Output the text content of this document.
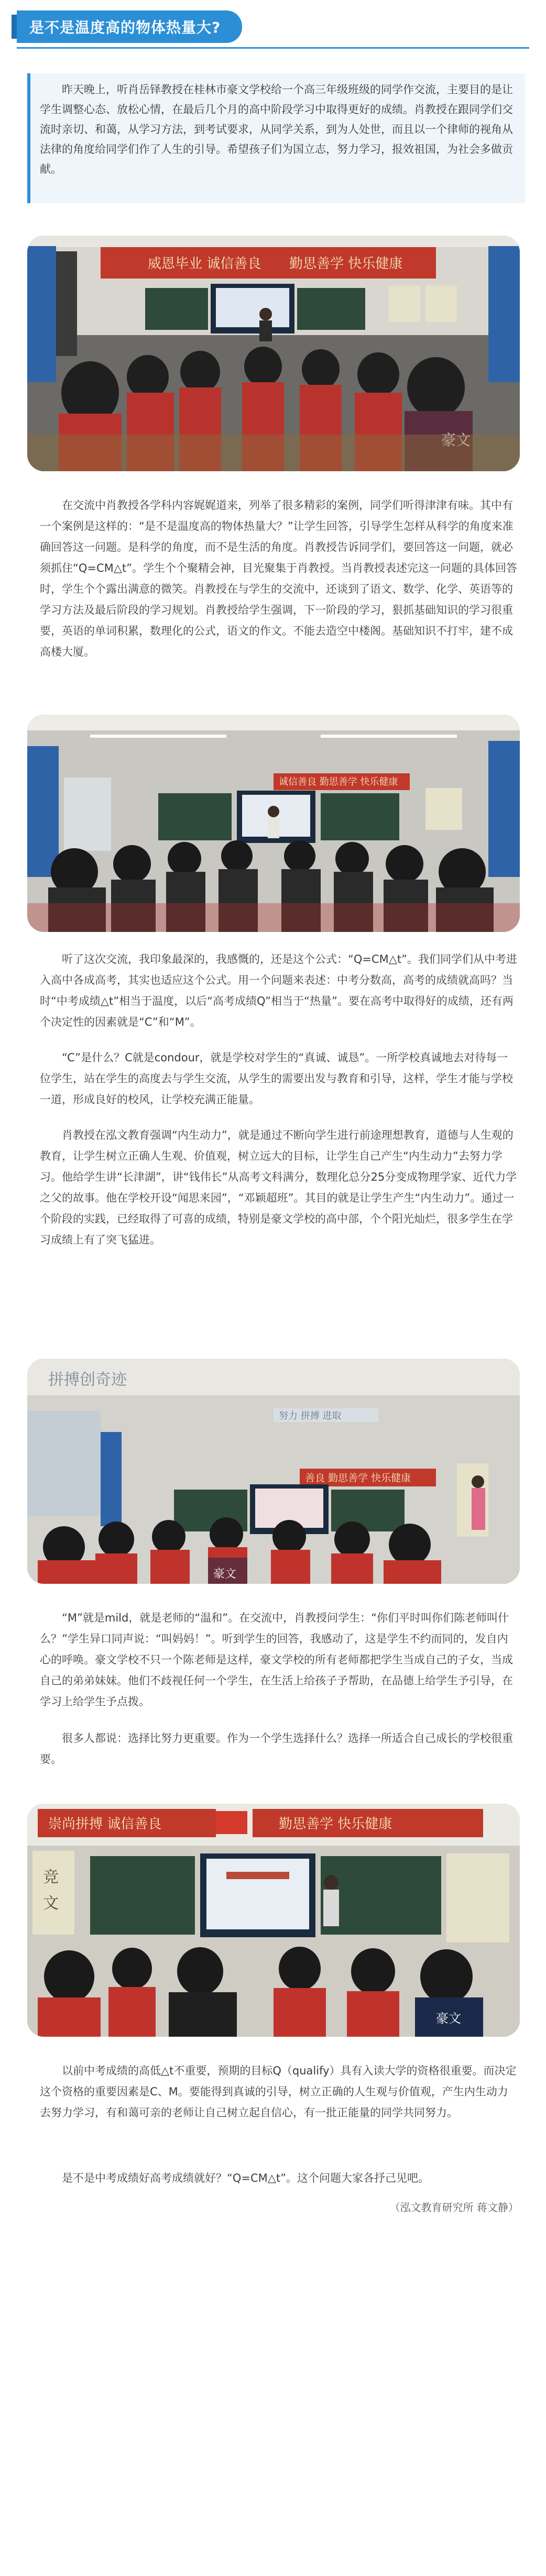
是不是温度高的物体热量大?
昨天晚上，听肖岳铎教授在桂林市豪文学校给一个高三年级班级的同学作交流，主要目的是让学生调整心态、放松心情，在最后几个月的高中阶段学习中取得更好的成绩。肖教授在跟同学们交流时亲切、和蔼，从学习方法，到考试要求，从同学关系，到为人处世，而且以一个律师的视角从法律的角度给同学们作了人生的引导。希望孩子们为国立志，努力学习，报效祖国，为社会多做贡献。
威恩毕业 诚信善良 勤思善学 快乐健康

在交流中肖教授各学科内容娓娓道来，列举了很多精彩的案例，同学们听得津津有味。其中有一个案例是这样的：“是不是温度高的物体热量大？”让学生回答，引导学生怎样从科学的角度来准确回答这一问题。是科学的角度，而不是生活的角度。肖教授告诉同学们，要回答这一问题，就必须抓住“Q=CM△t”。学生个个聚精会神，目光聚集于肖教授。当肖教授表述完这一问题的具体回答时，学生个个露出满意的微笑。肖教授在与学生的交流中，还谈到了语文、数学、化学、英语等的学习方法及最后阶段的学习规划。肖教授给学生强调，下一阶段的学习，狠抓基础知识的学习很重要，英语的单词积累，数理化的公式，语文的作文。不能去造空中楼阁。基础知识不打牢，建不成高楼大厦。

诚信善良 勤思善学 快乐健康

听了这次交流，我印象最深的，我感慨的，还是这个公式：“Q=CM△t”。我们同学们从中考进入高中各成高考，其实也适应这个公式。用一个问题来表述：中考分数高，高考的成绩就高吗？当时“中考成绩△t”相当于温度，以后“高考成绩Q”相当于“热量”。要在高考中取得好的成绩，还有两个决定性的因素就是“C”和“M”。

“C”是什么？C就是condour，就是学校对学生的“真诚、诚恳”。一所学校真诚地去对待每一位学生，站在学生的高度去与学生交流，从学生的需要出发与教育和引导，这样，学生才能与学校一道，形成良好的校风，让学校充满正能量。

肖教授在泓文教育强调“内生动力”，就是通过不断向学生进行前途理想教育，道德与人生观的教育，让学生树立正确人生观、价值观，树立远大的目标，让学生自己产生“内生动力”去努力学习。他给学生讲“长津湖”，讲“钱伟长”从高考文科满分，数理化总分25分变成物理学家、近代力学之父的故事。他在学校开设“闻思来园”，“邓颖超班”。其目的就是让学生产生“内生动力”。通过一个阶段的实践，已经取得了可喜的成绩，特别是豪文学校的高中部，个个阳光灿烂，很多学生在学习成绩上有了突飞猛进。

拼搏创奇迹
努力 拼搏 进取
善良 勤思善学 快乐健康
豪文

“M”就是mild，就是老师的“温和”。在交流中，肖教授问学生：“你们平时叫你们陈老师叫什么？”学生异口同声说：“叫妈妈！”。听到学生的回答，我感动了，这是学生不约而同的，发自内心的呼唤。豪文学校不只一个陈老师是这样，豪文学校的所有老师都把学生当成自己的子女，当成自己的弟弟妹妹。他们不歧视任何一个学生，在生活上给孩子予帮助，在品德上给学生予引导，在学习上给学生予点拨。

很多人都说：选择比努力更重要。作为一个学生选择什么？选择一所适合自己成长的学校很重要。

崇尚拼搏 诚信善良	勤思善学 快乐健康
竞
文
豪文

以前中考成绩的高低△t不重要，预期的目标Q（qualify）具有入读大学的资格很重要。而决定这个资格的重要因素是C、M。要能得到真诚的引导，树立正确的人生观与价值观，产生内生动力去努力学习，有和蔼可亲的老师让自己树立起自信心，有一批正能量的同学共同努力。

是不是中考成绩好高考成绩就好？“Q=CM△t”。这个问题大家各抒己见吧。

（泓文教育研究所 蒋文静）
